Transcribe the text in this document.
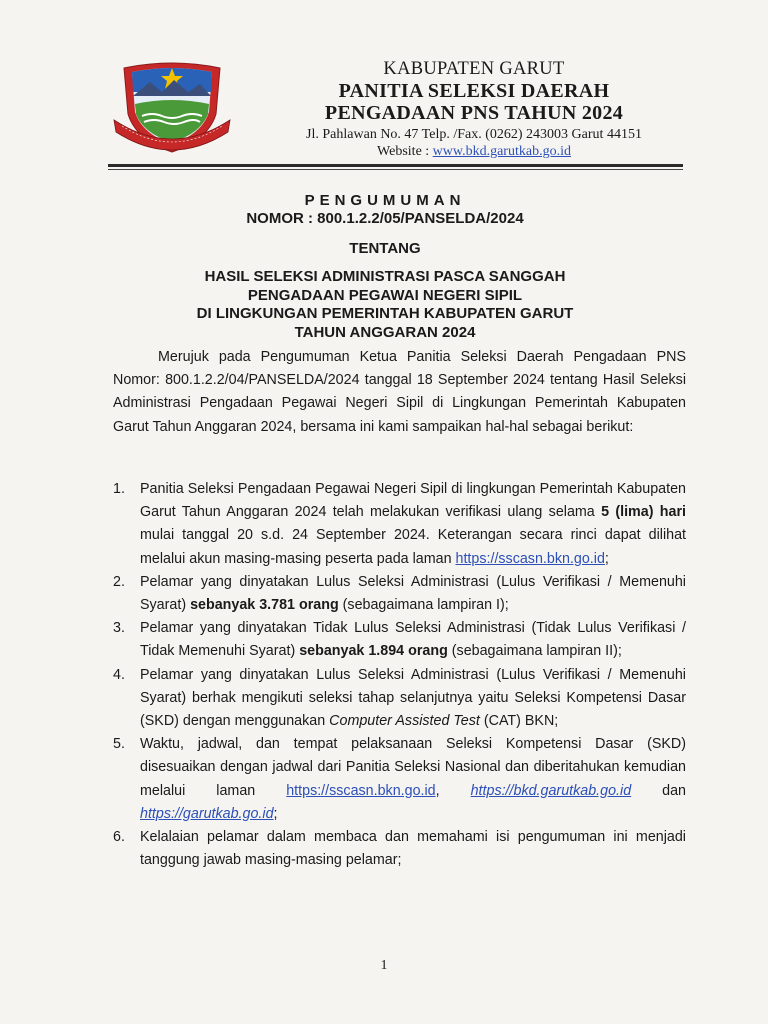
KABUPATEN GARUT
PANITIA SELEKSI DAERAH
PENGADAAN PNS TAHUN 2024
Jl. Pahlawan No. 47 Telp. /Fax. (0262) 243003 Garut 44151
Website : www.bkd.garutkab.go.id
PENGUMUMAN
NOMOR : 800.1.2.2/05/PANSELDA/2024
TENTANG
HASIL SELEKSI ADMINISTRASI PASCA SANGGAH
PENGADAAN PEGAWAI NEGERI SIPIL
DI LINGKUNGAN PEMERINTAH KABUPATEN GARUT
TAHUN ANGGARAN 2024
Merujuk pada Pengumuman Ketua Panitia Seleksi Daerah Pengadaan PNS Nomor: 800.1.2.2/04/PANSELDA/2024 tanggal 18 September 2024 tentang Hasil Seleksi Administrasi Pengadaan Pegawai Negeri Sipil di Lingkungan Pemerintah Kabupaten Garut Tahun Anggaran 2024, bersama ini kami sampaikan hal-hal sebagai berikut:
1. Panitia Seleksi Pengadaan Pegawai Negeri Sipil di lingkungan Pemerintah Kabupaten Garut Tahun Anggaran 2024 telah melakukan verifikasi ulang selama 5 (lima) hari mulai tanggal 20 s.d. 24 September 2024. Keterangan secara rinci dapat dilihat melalui akun masing-masing peserta pada laman https://sscasn.bkn.go.id;
2. Pelamar yang dinyatakan Lulus Seleksi Administrasi (Lulus Verifikasi / Memenuhi Syarat) sebanyak 3.781 orang (sebagaimana lampiran I);
3. Pelamar yang dinyatakan Tidak Lulus Seleksi Administrasi (Tidak Lulus Verifikasi / Tidak Memenuhi Syarat) sebanyak 1.894 orang (sebagaimana lampiran II);
4. Pelamar yang dinyatakan Lulus Seleksi Administrasi (Lulus Verifikasi / Memenuhi Syarat) berhak mengikuti seleksi tahap selanjutnya yaitu Seleksi Kompetensi Dasar (SKD) dengan menggunakan Computer Assisted Test (CAT) BKN;
5. Waktu, jadwal, dan tempat pelaksanaan Seleksi Kompetensi Dasar (SKD) disesuaikan dengan jadwal dari Panitia Seleksi Nasional dan diberitahukan kemudian melalui laman https://sscasn.bkn.go.id, https://bkd.garutkab.go.id dan https://garutkab.go.id;
6. Kelalaian pelamar dalam membaca dan memahami isi pengumuman ini menjadi tanggung jawab masing-masing pelamar;
1
